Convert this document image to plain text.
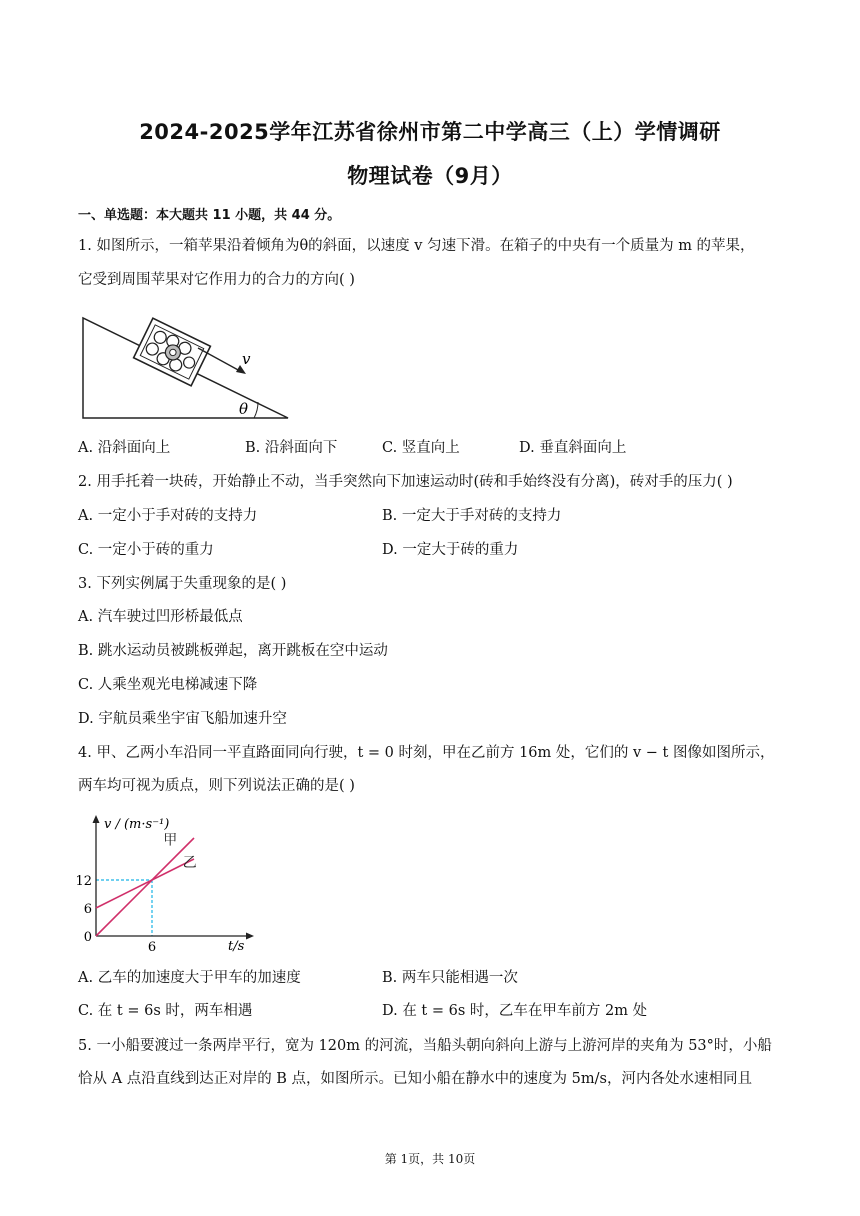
2024-2025学年江苏省徐州市第二中学高三（上）学情调研
物理试卷（9月）
一、单选题：本大题共 11 小题，共 44 分。
1. 如图所示，一箱苹果沿着倾角为θ的斜面，以速度 v 匀速下滑。在箱子的中央有一个质量为 m 的苹果，
它受到周围苹果对它作用力的合力的方向( )
v
θ
A. 沿斜面向上	B. 沿斜面向下	C. 竖直向上	D. 垂直斜面向上
2. 用手托着一块砖，开始静止不动，当手突然向下加速运动时(砖和手始终没有分离)，砖对手的压力( )
A. 一定小于手对砖的支持力	B. 一定大于手对砖的支持力
C. 一定小于砖的重力	D. 一定大于砖的重力
3. 下列实例属于失重现象的是( )
A. 汽车驶过凹形桥最低点
B. 跳水运动员被跳板弹起，离开跳板在空中运动
C. 人乘坐观光电梯减速下降
D. 宇航员乘坐宇宙飞船加速升空
4. 甲、乙两小车沿同一平直路面同向行驶，t = 0 时刻，甲在乙前方 16m 处，它们的 v − t 图像如图所示，
两车均可视为质点，则下列说法正确的是( )
v / (m·s⁻¹)
t/s
甲
乙
6
12
0
6
A. 乙车的加速度大于甲车的加速度	B. 两车只能相遇一次
C. 在 t = 6s 时，两车相遇	D. 在 t = 6s 时，乙车在甲车前方 2m 处
5. 一小船要渡过一条两岸平行，宽为 120m 的河流，当船头朝向斜向上游与上游河岸的夹角为 53°时，小船
恰从 A 点沿直线到达正对岸的 B 点，如图所示。已知小船在静水中的速度为 5m/s，河内各处水速相同且
第 1页，共 10页
